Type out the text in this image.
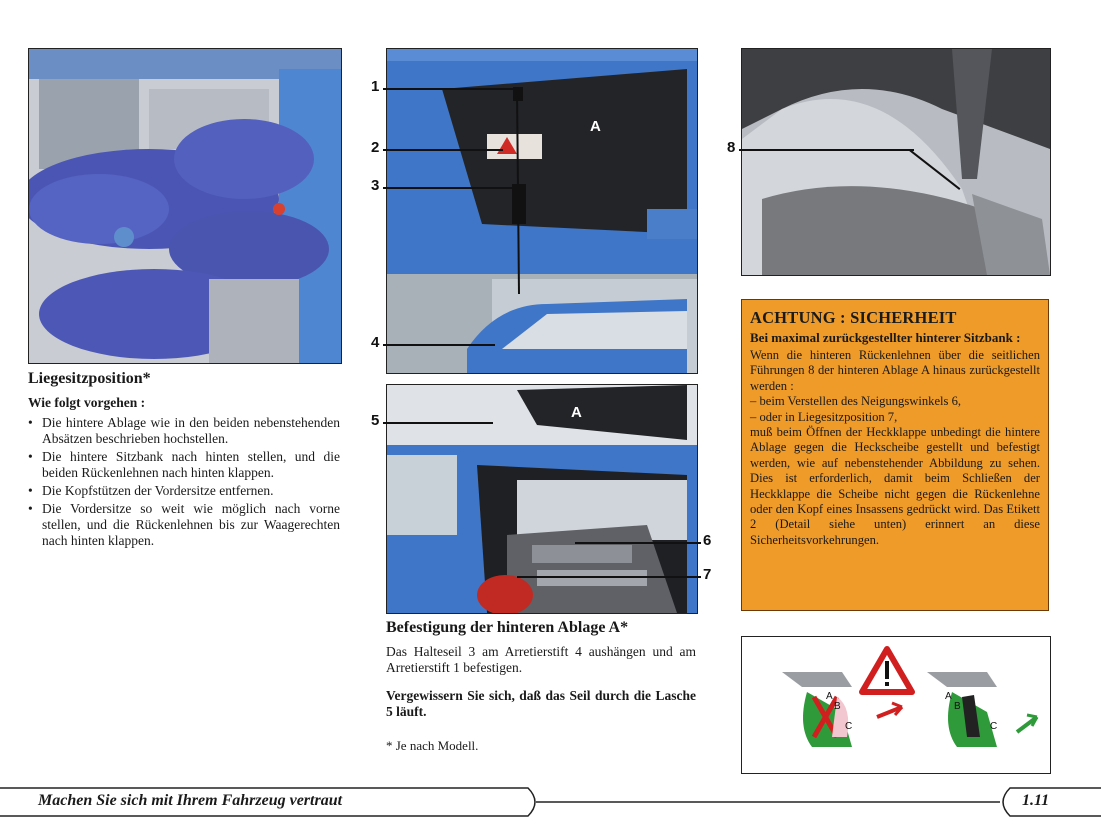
A
1
2
3
4
8
A
5
6
7
Liegesitzposition*

Wie folgt vorgehen :

• Die hintere Ablage wie in den beiden nebenstehenden Absätzen beschrieben hochstellen.
• Die hintere Sitzbank nach hinten stellen, und die beiden Rückenlehnen nach hinten klappen.
• Die Kopfstützen der Vordersitze entfernen.
• Die Vordersitze so weit wie möglich nach vorne stellen, und die Rückenlehnen bis zur Waagerechten nach hinten klappen.
Befestigung der hinteren Ablage A*

Das Halteseil 3 am Arretierstift 4 aushängen und am Arretierstift 1 befestigen.

Vergewissern Sie sich, daß das Seil durch die Lasche 5 läuft.

* Je nach Modell.

ACHTUNG : SICHERHEIT
Bei maximal zurückgestellter hinterer Sitzbank :
Wenn die hinteren Rückenlehnen über die seitlichen Führungen 8 der hinteren Ablage A hinaus zurückgestellt werden :
– beim Verstellen des Neigungswinkels 6,
– oder in Liegesitzposition 7,
muß beim Öffnen der Heckklappe unbedingt die hintere Ablage gegen die Heckscheibe gestellt und befestigt werden, wie auf nebenstehender Abbildung zu sehen. Dies ist erforderlich, damit beim Schließen der Heckklappe die Scheibe nicht gegen die Rückenlehne oder den Kopf eines Insassens gedrückt wird. Das Etikett 2 (Detail siehe unten) erinnert an diese Sicherheitsvorkehrungen.
A
B
C
A
B
C
Machen Sie sich mit Ihrem Fahrzeug vertraut	1.11
